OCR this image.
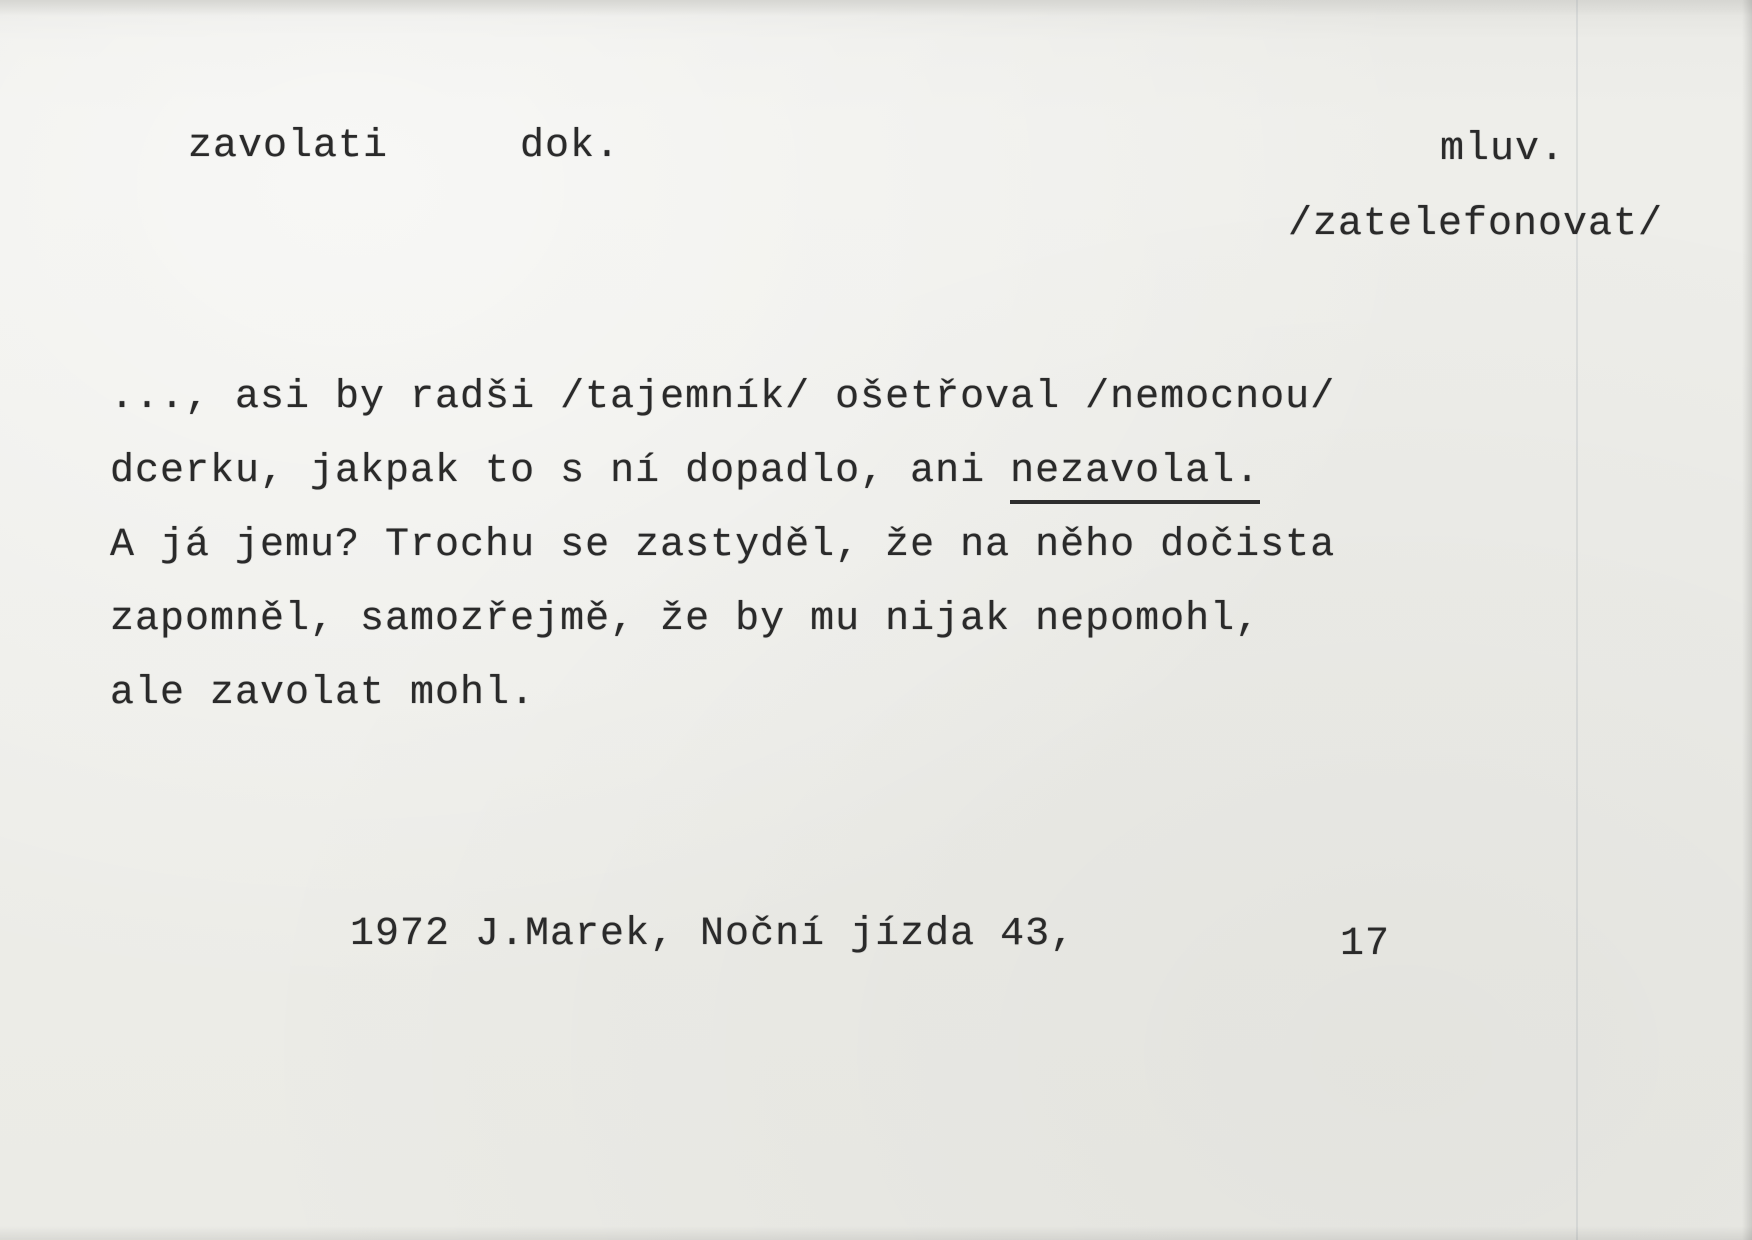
zavolati	dok.	mluv.
/zatelefonovat/
..., asi by radši /tajemník/ ošetřoval /nemocnou/
dcerku, jakpak to s ní dopadlo, ani nezavolal.
A já jemu? Trochu se zastyděl, že na něho dočista
zapomněl, samozřejmě, že by mu nijak nepomohl,
ale zavolat mohl.
1972 J.Marek, Noční jízda 43,	17
